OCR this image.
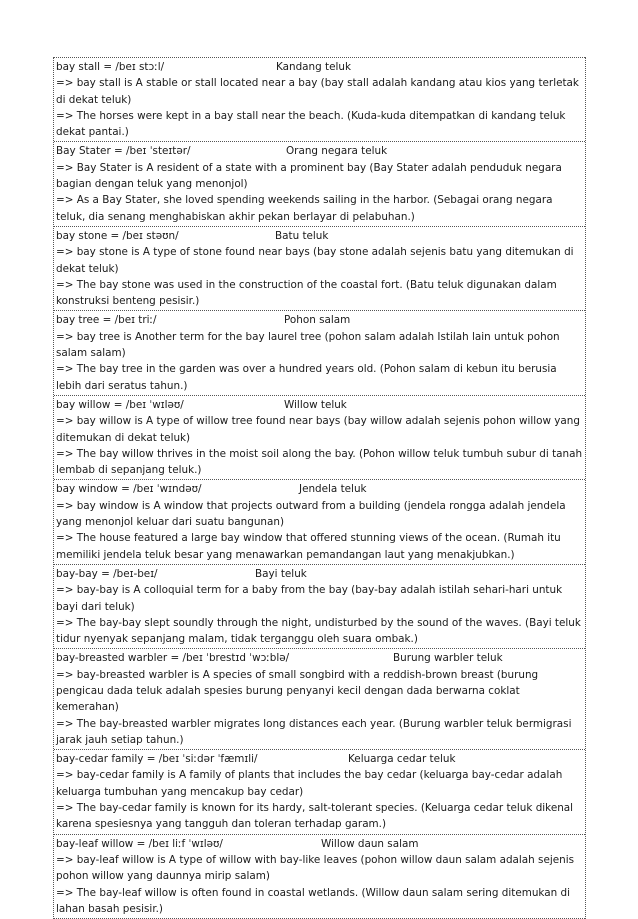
bay stall = /beɪ stɔːl/	Kandang teluk

=> bay stall is A stable or stall located near a bay (bay stall adalah kandang atau kios yang terletak di dekat teluk)

=> The horses were kept in a bay stall near the beach. (Kuda-kuda ditempatkan di kandang teluk dekat pantai.)

Bay Stater = /beɪ ˈsteɪtər/	Orang negara teluk

=> Bay Stater is A resident of a state with a prominent bay (Bay Stater adalah penduduk negara bagian dengan teluk yang menonjol)

=> As a Bay Stater, she loved spending weekends sailing in the harbor. (Sebagai orang negara teluk, dia senang menghabiskan akhir pekan berlayar di pelabuhan.)

bay stone = /beɪ stəʊn/	Batu teluk

=> bay stone is A type of stone found near bays (bay stone adalah sejenis batu yang ditemukan di dekat teluk)

=> The bay stone was used in the construction of the coastal fort. (Batu teluk digunakan dalam konstruksi benteng pesisir.)

bay tree = /beɪ triː/	Pohon salam

=> bay tree is Another term for the bay laurel tree (pohon salam adalah Istilah lain untuk pohon salam salam)

=> The bay tree in the garden was over a hundred years old. (Pohon salam di kebun itu berusia lebih dari seratus tahun.)

bay willow = /beɪ ˈwɪləʊ/	Willow teluk

=> bay willow is A type of willow tree found near bays (bay willow adalah sejenis pohon willow yang ditemukan di dekat teluk)

=> The bay willow thrives in the moist soil along the bay. (Pohon willow teluk tumbuh subur di tanah lembab di sepanjang teluk.)

bay window = /beɪ ˈwɪndəʊ/	Jendela teluk

=> bay window is A window that projects outward from a building (jendela rongga adalah jendela yang menonjol keluar dari suatu bangunan)

=> The house featured a large bay window that offered stunning views of the ocean. (Rumah itu memiliki jendela teluk besar yang menawarkan pemandangan laut yang menakjubkan.)

bay-bay = /beɪ-beɪ/	Bayi teluk

=> bay-bay is A colloquial term for a baby from the bay (bay-bay adalah istilah sehari-hari untuk bayi dari teluk)

=> The bay-bay slept soundly through the night, undisturbed by the sound of the waves. (Bayi teluk tidur nyenyak sepanjang malam, tidak terganggu oleh suara ombak.)

bay-breasted warbler = /beɪ ˈbrestɪd ˈwɔːblə/	Burung warbler teluk

=> bay-breasted warbler is A species of small songbird with a reddish-brown breast (burung pengicau dada teluk adalah spesies burung penyanyi kecil dengan dada berwarna coklat kemerahan)

=> The bay-breasted warbler migrates long distances each year. (Burung warbler teluk bermigrasi jarak jauh setiap tahun.)

bay-cedar family = /beɪ ˈsiːdər ˈfæmɪli/	Keluarga cedar teluk

=> bay-cedar family is A family of plants that includes the bay cedar (keluarga bay-cedar adalah keluarga tumbuhan yang mencakup bay cedar)

=> The bay-cedar family is known for its hardy, salt-tolerant species. (Keluarga cedar teluk dikenal karena spesiesnya yang tangguh dan toleran terhadap garam.)

bay-leaf willow = /beɪ liːf ˈwɪləʊ/	Willow daun salam

=> bay-leaf willow is A type of willow with bay-like leaves (pohon willow daun salam adalah sejenis pohon willow yang daunnya mirip salam)

=> The bay-leaf willow is often found in coastal wetlands. (Willow daun salam sering ditemukan di lahan basah pesisir.)
